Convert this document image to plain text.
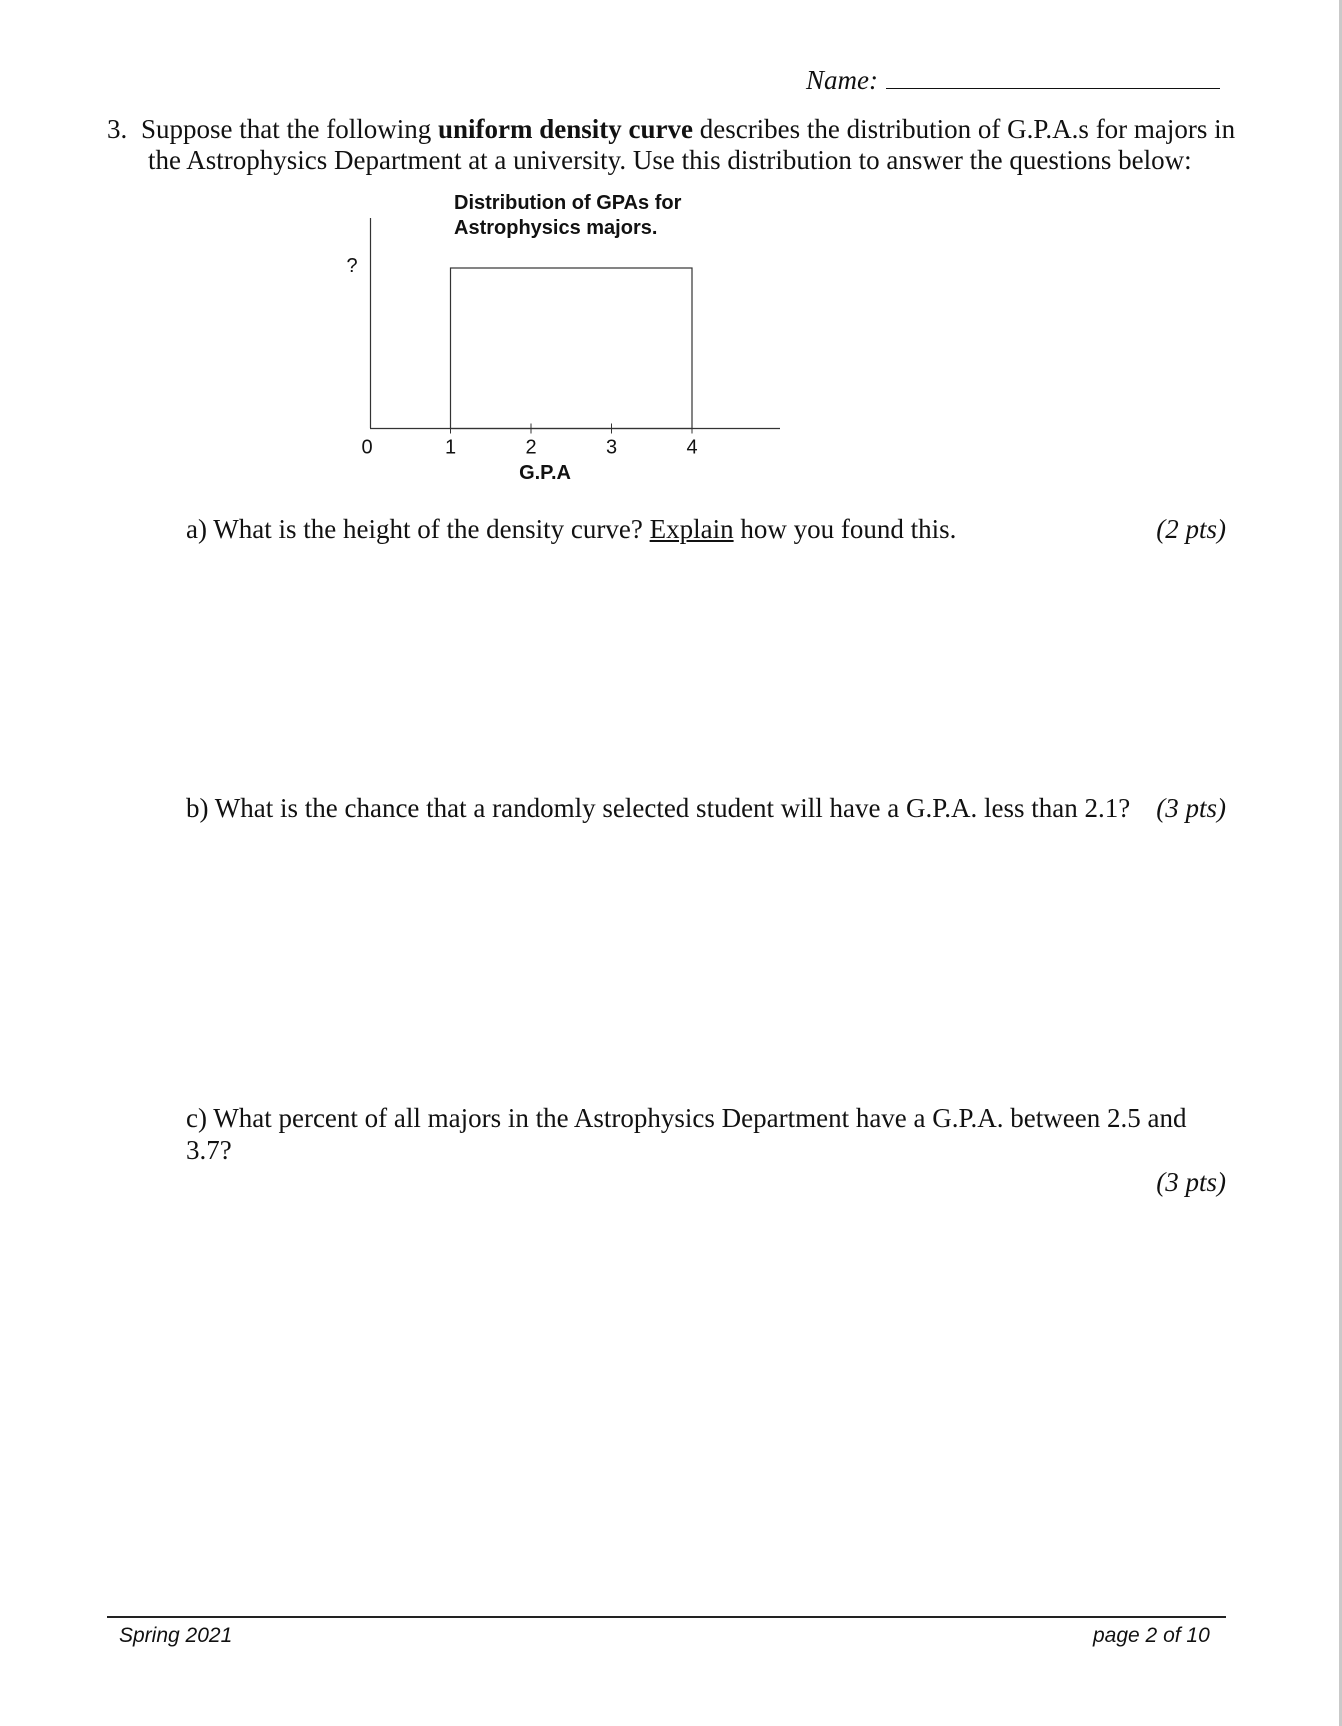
Name:
3. Suppose that the following uniform density curve describes the distribution of G.P.A.s for majors in
the Astrophysics Department at a university. Use this distribution to answer the questions below:
Distribution of GPAs for
Astrophysics majors.
?
0	1	2	3	4
G.P.A
a) What is the height of the density curve? Explain how you found this.	(2 pts)
b) What is the chance that a randomly selected student will have a G.P.A. less than 2.1? (3 pts)
c) What percent of all majors in the Astrophysics Department have a G.P.A. between 2.5 and 3.7?
(3 pts)
Spring 2021	page 2 of 10
